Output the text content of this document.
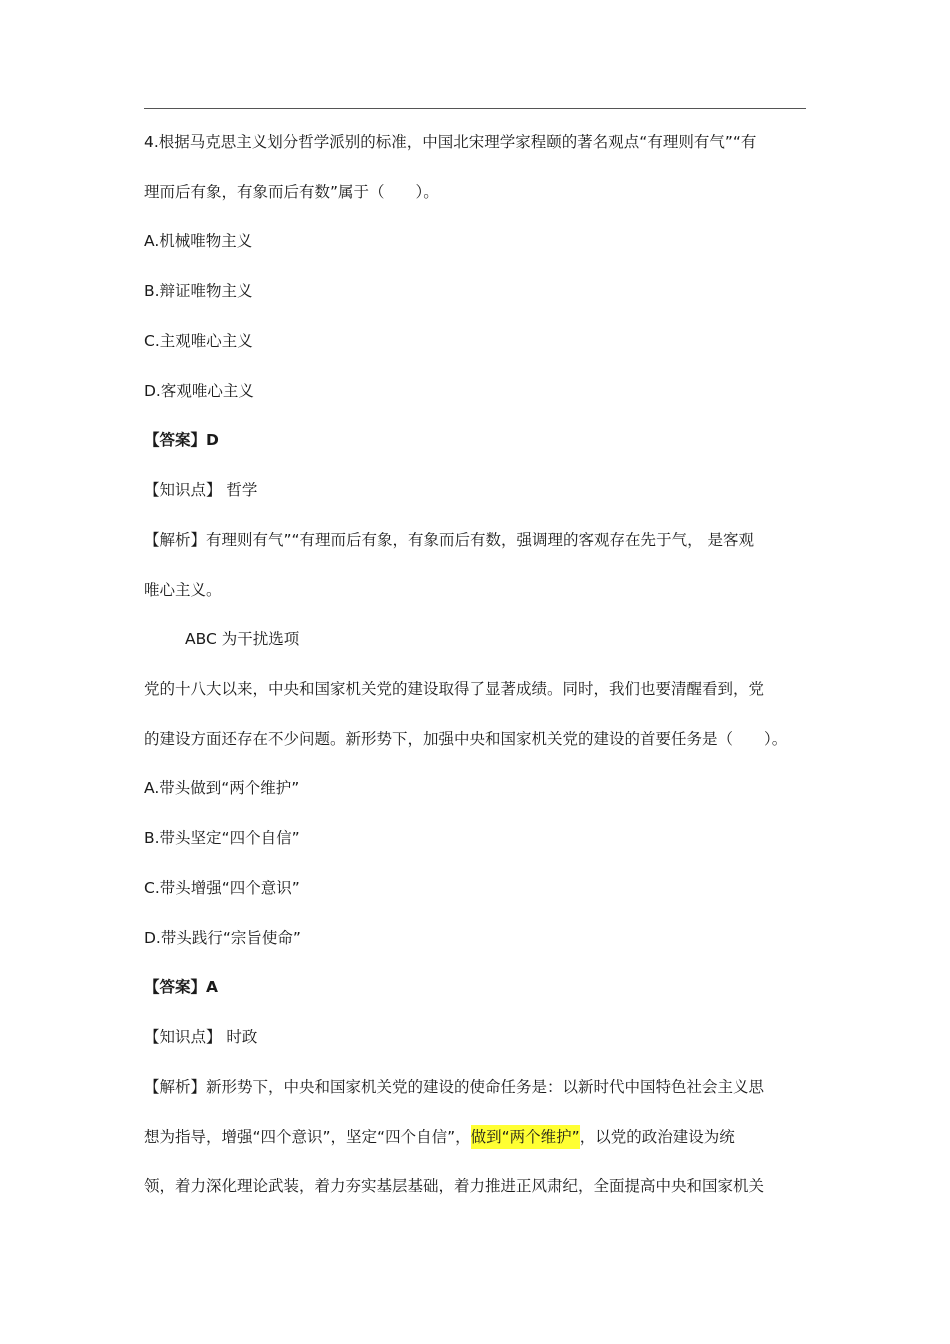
4.根据马克思主义划分哲学派别的标准，中国北宋理学家程颐的著名观点“有理则有气”“有
理而后有象，有象而后有数”属于（　　）。
A.机械唯物主义
B.辩证唯物主义
C.主观唯心主义
D.客观唯心主义
【答案】D
【知识点】 哲学
【解析】有理则有气”“有理而后有象，有象而后有数，强调理的客观存在先于气， 是客观
唯心主义。
ABC 为干扰选项
党的十八大以来，中央和国家机关党的建设取得了显著成绩。同时，我们也要清醒看到，党
的建设方面还存在不少问题。新形势下，加强中央和国家机关党的建设的首要任务是（　　）。
A.带头做到“两个维护”
B.带头坚定“四个自信”
C.带头增强“四个意识”
D.带头践行“宗旨使命”
【答案】A
【知识点】 时政
【解析】新形势下，中央和国家机关党的建设的使命任务是：以新时代中国特色社会主义思
想为指导，增强“四个意识”，坚定“四个自信”，做到“两个维护”，以党的政治建设为统
领，着力深化理论武装，着力夯实基层基础，着力推进正风肃纪，全面提高中央和国家机关
